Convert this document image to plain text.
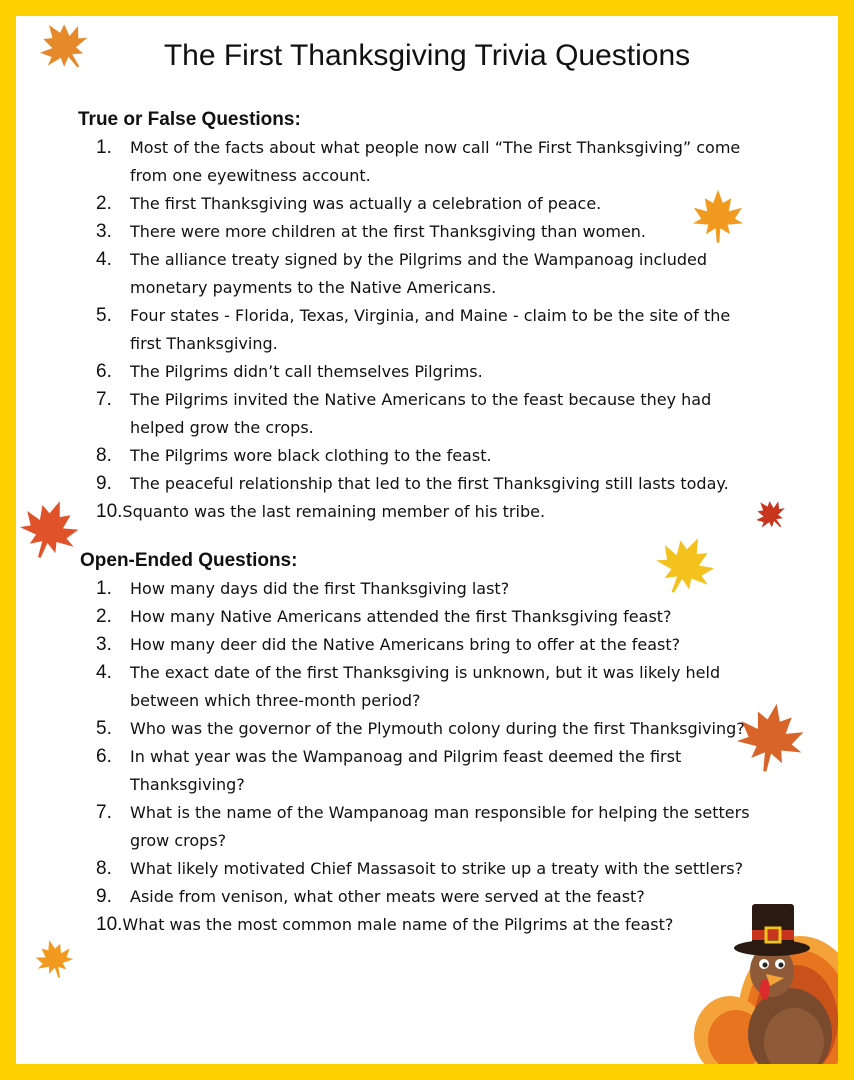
The First Thanksgiving Trivia Questions
True or False Questions:
1.	Most of the facts about what people now call “The First Thanksgiving” come from one eyewitness account.
2.	The first Thanksgiving was actually a celebration of peace.
3.	There were more children at the first Thanksgiving than women.
4.	The alliance treaty signed by the Pilgrims and the Wampanoag included monetary payments to the Native Americans.
5.	Four states - Florida, Texas, Virginia, and Maine - claim to be the site of the first Thanksgiving.
6.	The Pilgrims didn’t call themselves Pilgrims.
7.	The Pilgrims invited the Native Americans to the feast because they had helped grow the crops.
8.	The Pilgrims wore black clothing to the feast.
9.	The peaceful relationship that led to the first Thanksgiving still lasts today.
10.Squanto was the last remaining member of his tribe.
Open-Ended Questions:
1.	How many days did the first Thanksgiving last?
2.	How many Native Americans attended the first Thanksgiving feast?
3.	How many deer did the Native Americans bring to offer at the feast?
4.	The exact date of the first Thanksgiving is unknown, but it was likely held between which three-month period?
5.	Who was the governor of the Plymouth colony during the first Thanksgiving?
6.	In what year was the Wampanoag and Pilgrim feast deemed the first Thanksgiving?
7.	What is the name of the Wampanoag man responsible for helping the setters grow crops?
8.	What likely motivated Chief Massasoit to strike up a treaty with the settlers?
9.	Aside from venison, what other meats were served at the feast?
10.What was the most common male name of the Pilgrims at the feast?
